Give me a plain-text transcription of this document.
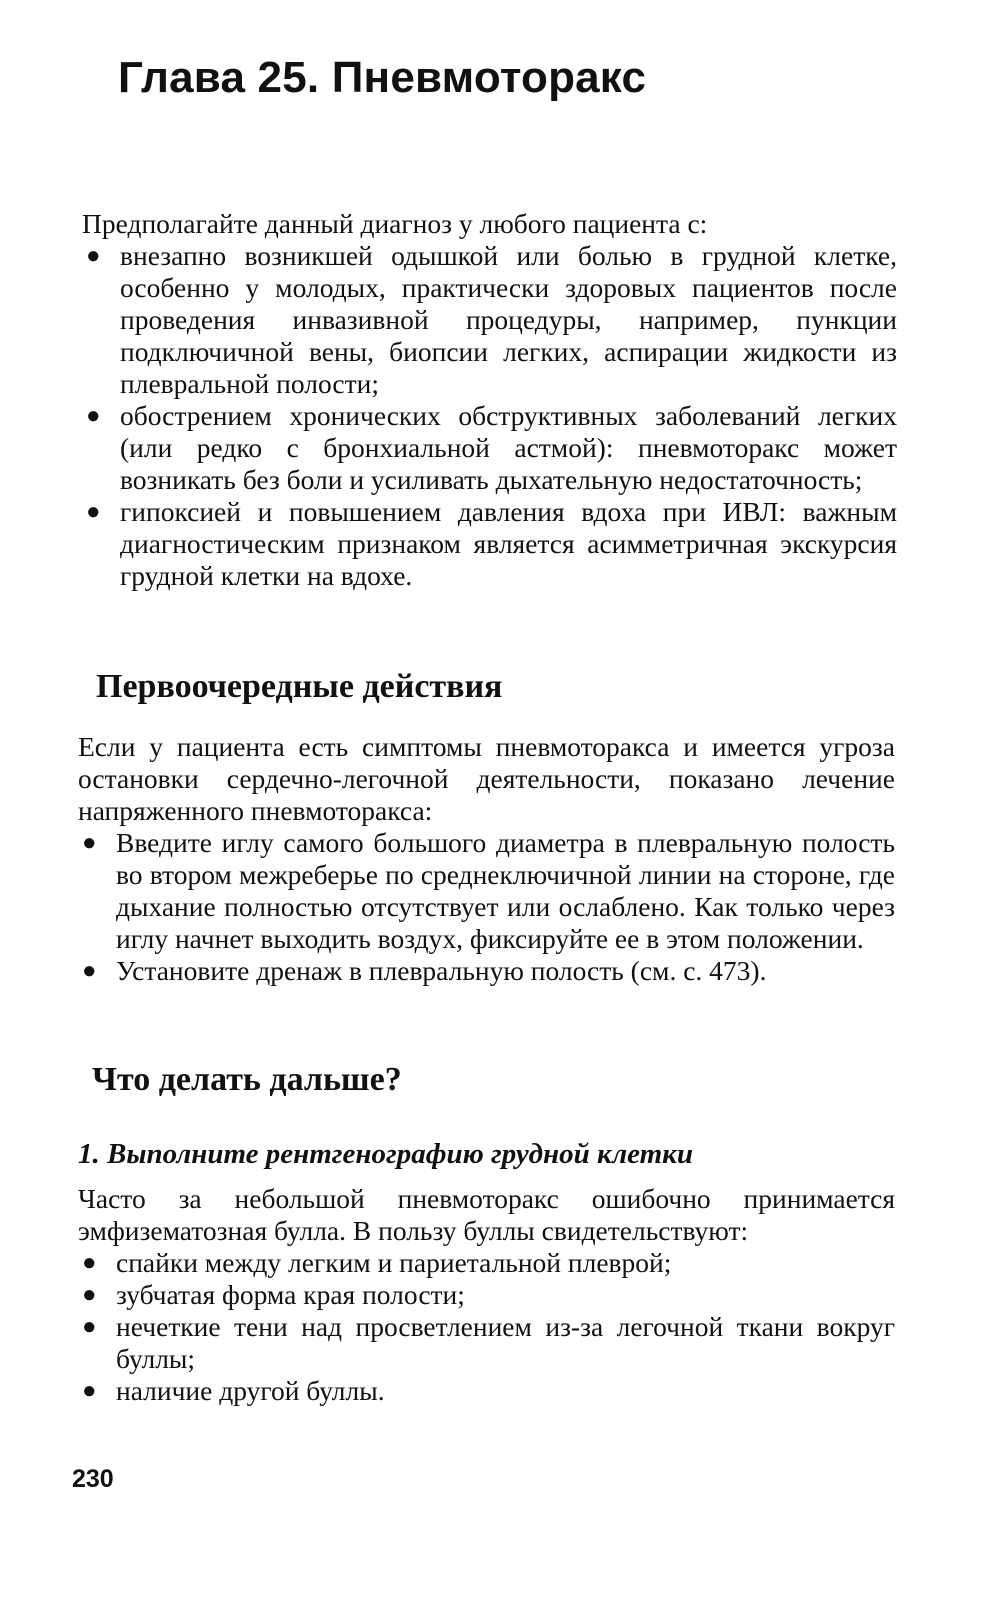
Глава 25. Пневмоторакс

Предполагайте данный диагноз у любого пациента с:

● внезапно возникшей одышкой или болью в грудной клетке, особенно у молодых, практически здоровых пациентов после проведения инвазивной процедуры, например, пункции подключичной вены, биопсии легких, аспирации жидкости из плевральной полости;
● обострением хронических обструктивных заболеваний легких (или редко с бронхиальной астмой): пневмоторакс может возникать без боли и усиливать дыхательную недостаточность;
● гипоксией и повышением давления вдоха при ИВЛ: важным диагностическим признаком является асимметричная экскурсия грудной клетки на вдохе.
Первоочередные действия

Если у пациента есть симптомы пневмоторакса и имеется угроза остановки сердечно-легочной деятельности, показано лечение напряженного пневмоторакса:

● Введите иглу самого большого диаметра в плевральную полость во втором межреберье по среднеключичной линии на стороне, где дыхание полностью отсутствует или ослаблено. Как только через иглу начнет выходить воздух, фиксируйте ее в этом положении.
● Установите дренаж в плевральную полость (см. с. 473).
Что делать дальше?
1. Выполните рентгенографию грудной клетки

Часто за небольшой пневмоторакс ошибочно принимается эмфизематозная булла. В пользу буллы свидетельствуют:

● спайки между легким и париетальной плеврой;
● зубчатая форма края полости;
● нечеткие тени над просветлением из-за легочной ткани вокруг буллы;
● наличие другой буллы.
230
